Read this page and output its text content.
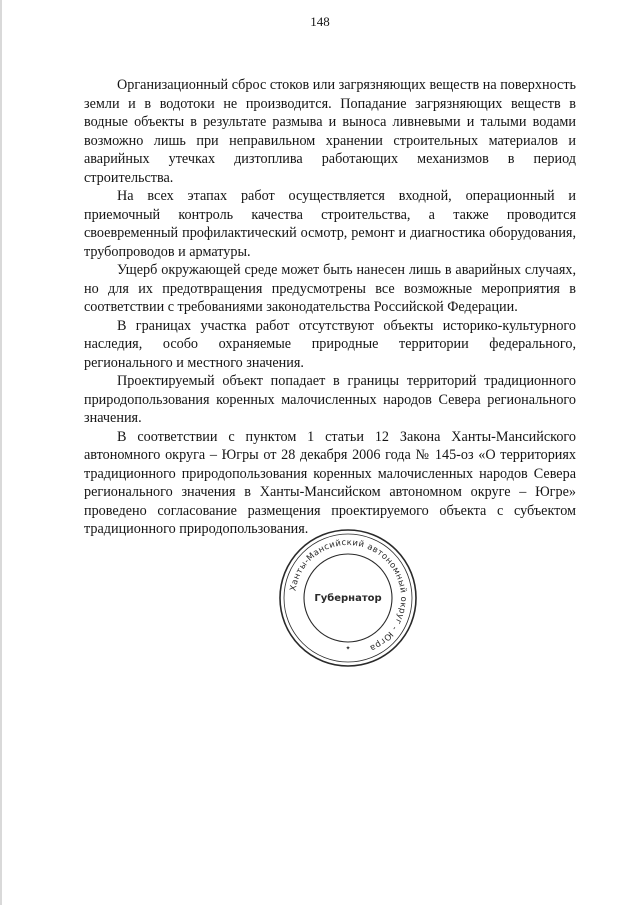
148

Организационный сброс стоков или загрязняющих веществ на поверхность земли и в водотоки не производится. Попадание загрязняющих веществ в водные объекты в результате размыва и выноса ливневыми и талыми водами возможно лишь при неправильном хранении строительных материалов и аварийных утечках дизтоплива работающих механизмов в период строительства.

На всех этапах работ осуществляется входной, операционный и приемочный контроль качества строительства, а также проводится своевременный профилактический осмотр, ремонт и диагностика оборудования, трубопроводов и арматуры.

Ущерб окружающей среде может быть нанесен лишь в аварийных случаях, но для их предотвращения предусмотрены все возможные мероприятия в соответствии с требованиями законодательства Российской Федерации.

В границах участка работ отсутствуют объекты историко-культурного наследия, особо охраняемые природные территории федерального, регионального и местного значения.

Проектируемый объект попадает в границы территорий традиционного природопользования коренных малочисленных народов Севера регионального значения.

В соответствии с пунктом 1 статьи 12 Закона Ханты-Мансийского автономного округа – Югры от 28 декабря 2006 года № 145-оз «О территориях традиционного природопользования коренных малочисленных народов Севера регионального значения в Ханты-Мансийском автономном округе – Югре» проведено согласование размещения проектируемого объекта с субъектом традиционного природопользования.

Ханты-Мансийский автономный округ - Югра
Губернатор
✦
